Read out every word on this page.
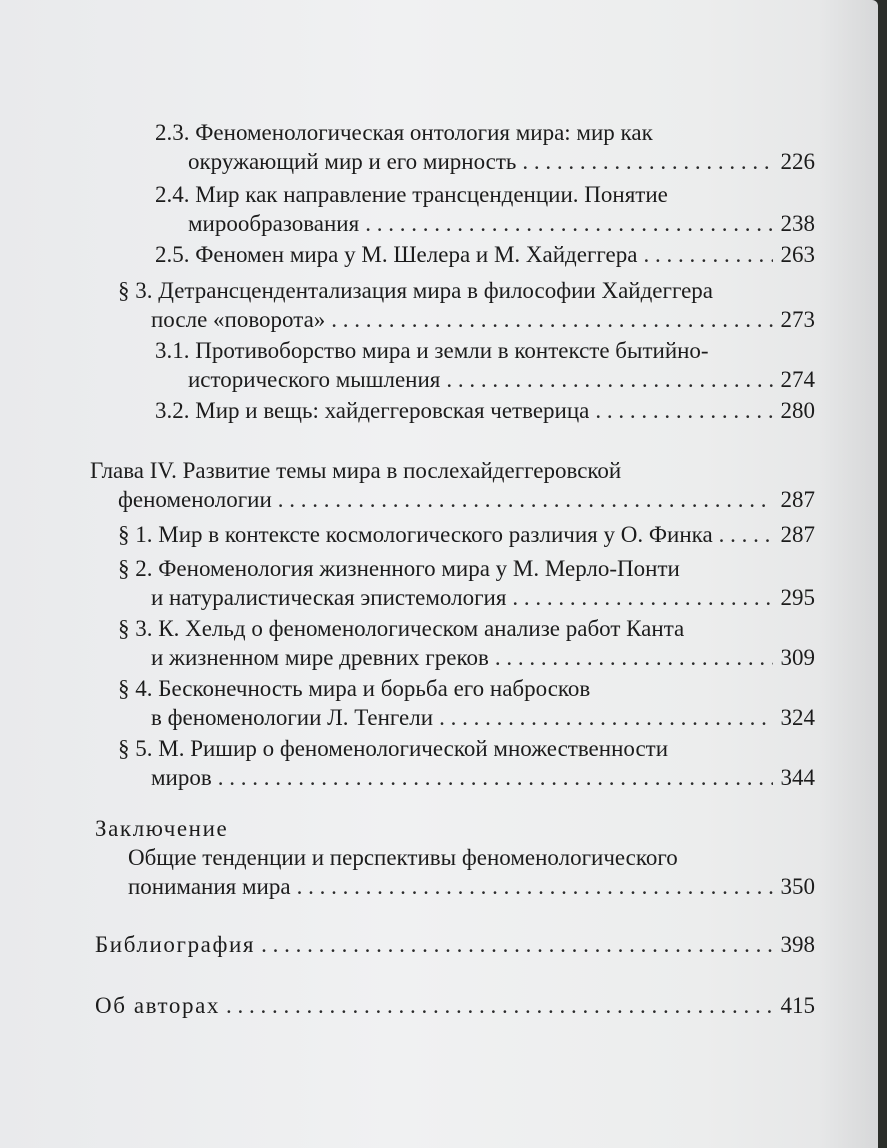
2.3. Феноменологическая онтология мира: мир как
окружающий мир и его мирность . . .	226
2.4. Мир как направление трансценденции. Понятие
мирообразования . . .	238
2.5. Феномен мира у М. Шелера и М. Хайдеггера . . .	263
§ 3. Детрансцендентализация мира в философии Хайдеггера
после «поворота» . . .	273
3.1. Противоборство мира и земли в контексте бытийно-
исторического мышления . . .	274
3.2. Мир и вещь: хайдеггеровская четверица . . .	280
Глава IV. Развитие темы мира в послехайдеггеровской
феноменологии . . .	287
§ 1. Мир в контексте космологического различия у О. Финка . . .	287
§ 2. Феноменология жизненного мира у М. Мерло-Понти
и натуралистическая эпистемология . . .	295
§ 3. К. Хельд о феноменологическом анализе работ Канта
и жизненном мире древних греков . . .	309
§ 4. Бесконечность мира и борьба его набросков
в феноменологии Л. Тенгели . . .	324
§ 5. М. Ришир о феноменологической множественности
миров . . .	344
Заключение
Общие тенденции и перспективы феноменологического
понимания мира . . .	350
Библиография . . .	398
Об авторах . . .	415
